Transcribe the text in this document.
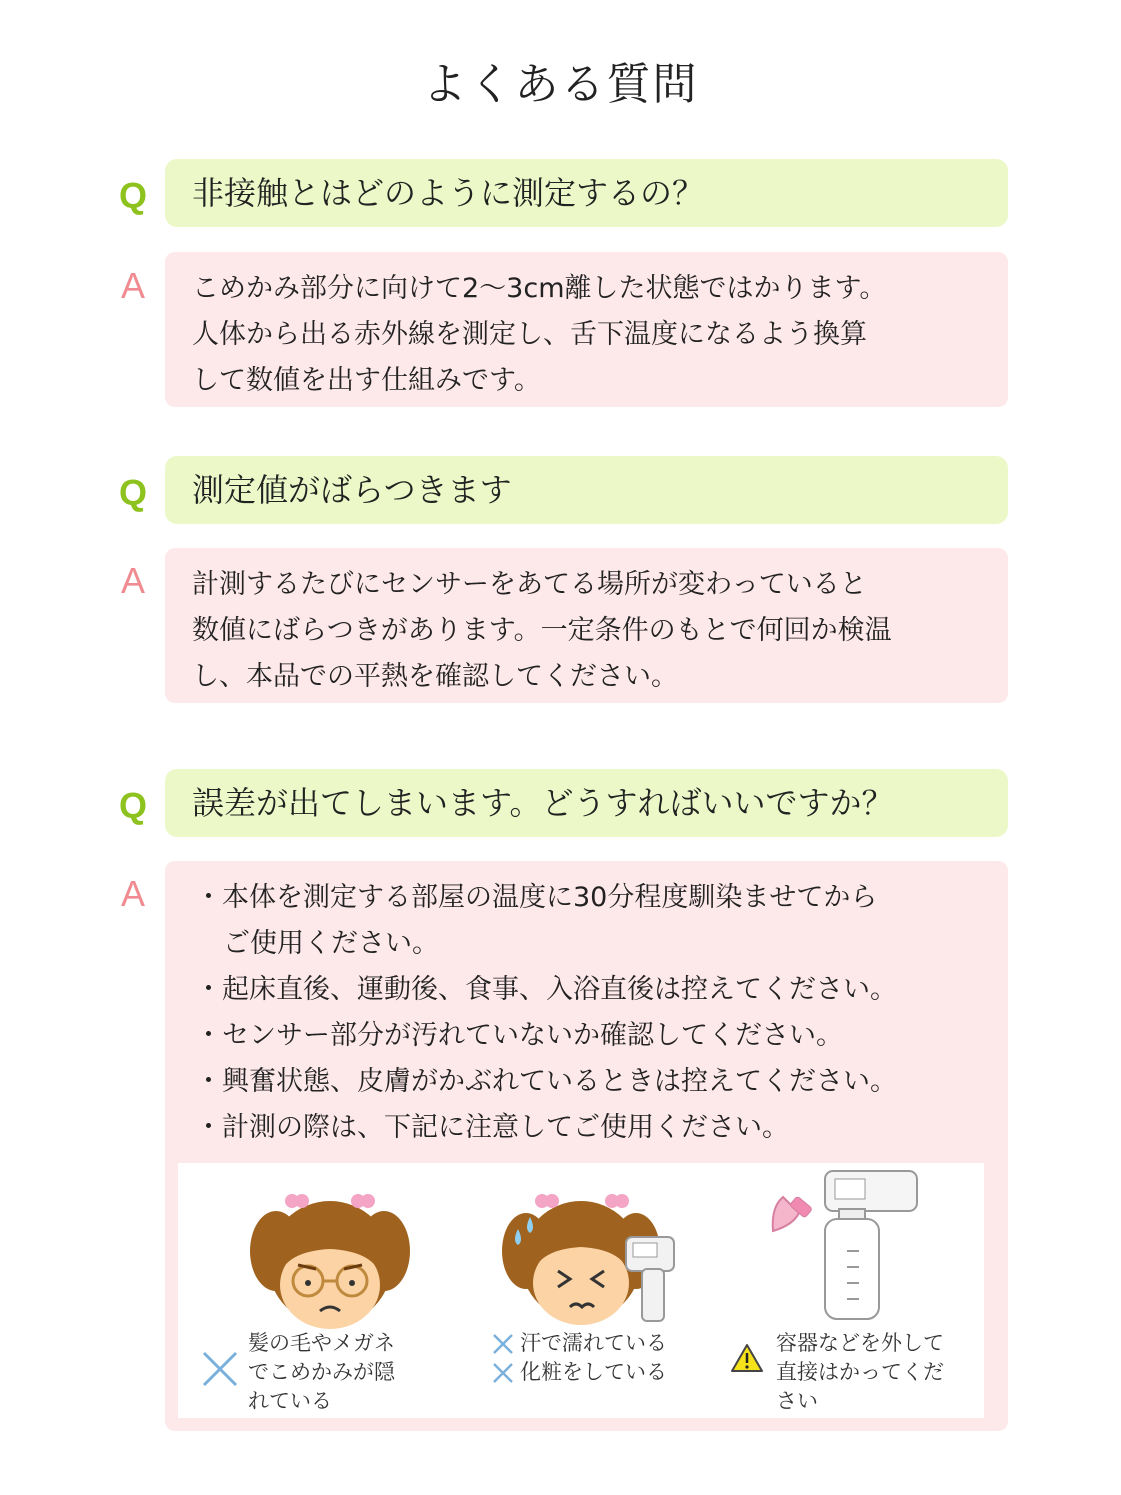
よくある質問
Q	非接触とはどのように測定するの？
A こめかみ部分に向けて2〜3cm離した状態ではかります。
人体から出る赤外線を測定し、舌下温度になるよう換算
して数値を出す仕組みです。
Q	測定値がばらつきます
A 計測するたびにセンサーをあてる場所が変わっていると
数値にばらつきがあります。一定条件のもとで何回か検温
し、本品での平熱を確認してください。
Q	誤差が出てしまいます。どうすればいいですか？
A ・本体を測定する部屋の温度に30分程度馴染ませてから
ご使用ください。
・起床直後、運動後、食事、入浴直後は控えてください。
・センサー部分が汚れていないか確認してください。
・興奮状態、皮膚がかぶれているときは控えてください。
・計測の際は、下記に注意してご使用ください。
髪の毛やメガネ
でこめかみが隠
れている
汗で濡れている
化粧をしている
容器などを外して
直接はかってくだ
さい
